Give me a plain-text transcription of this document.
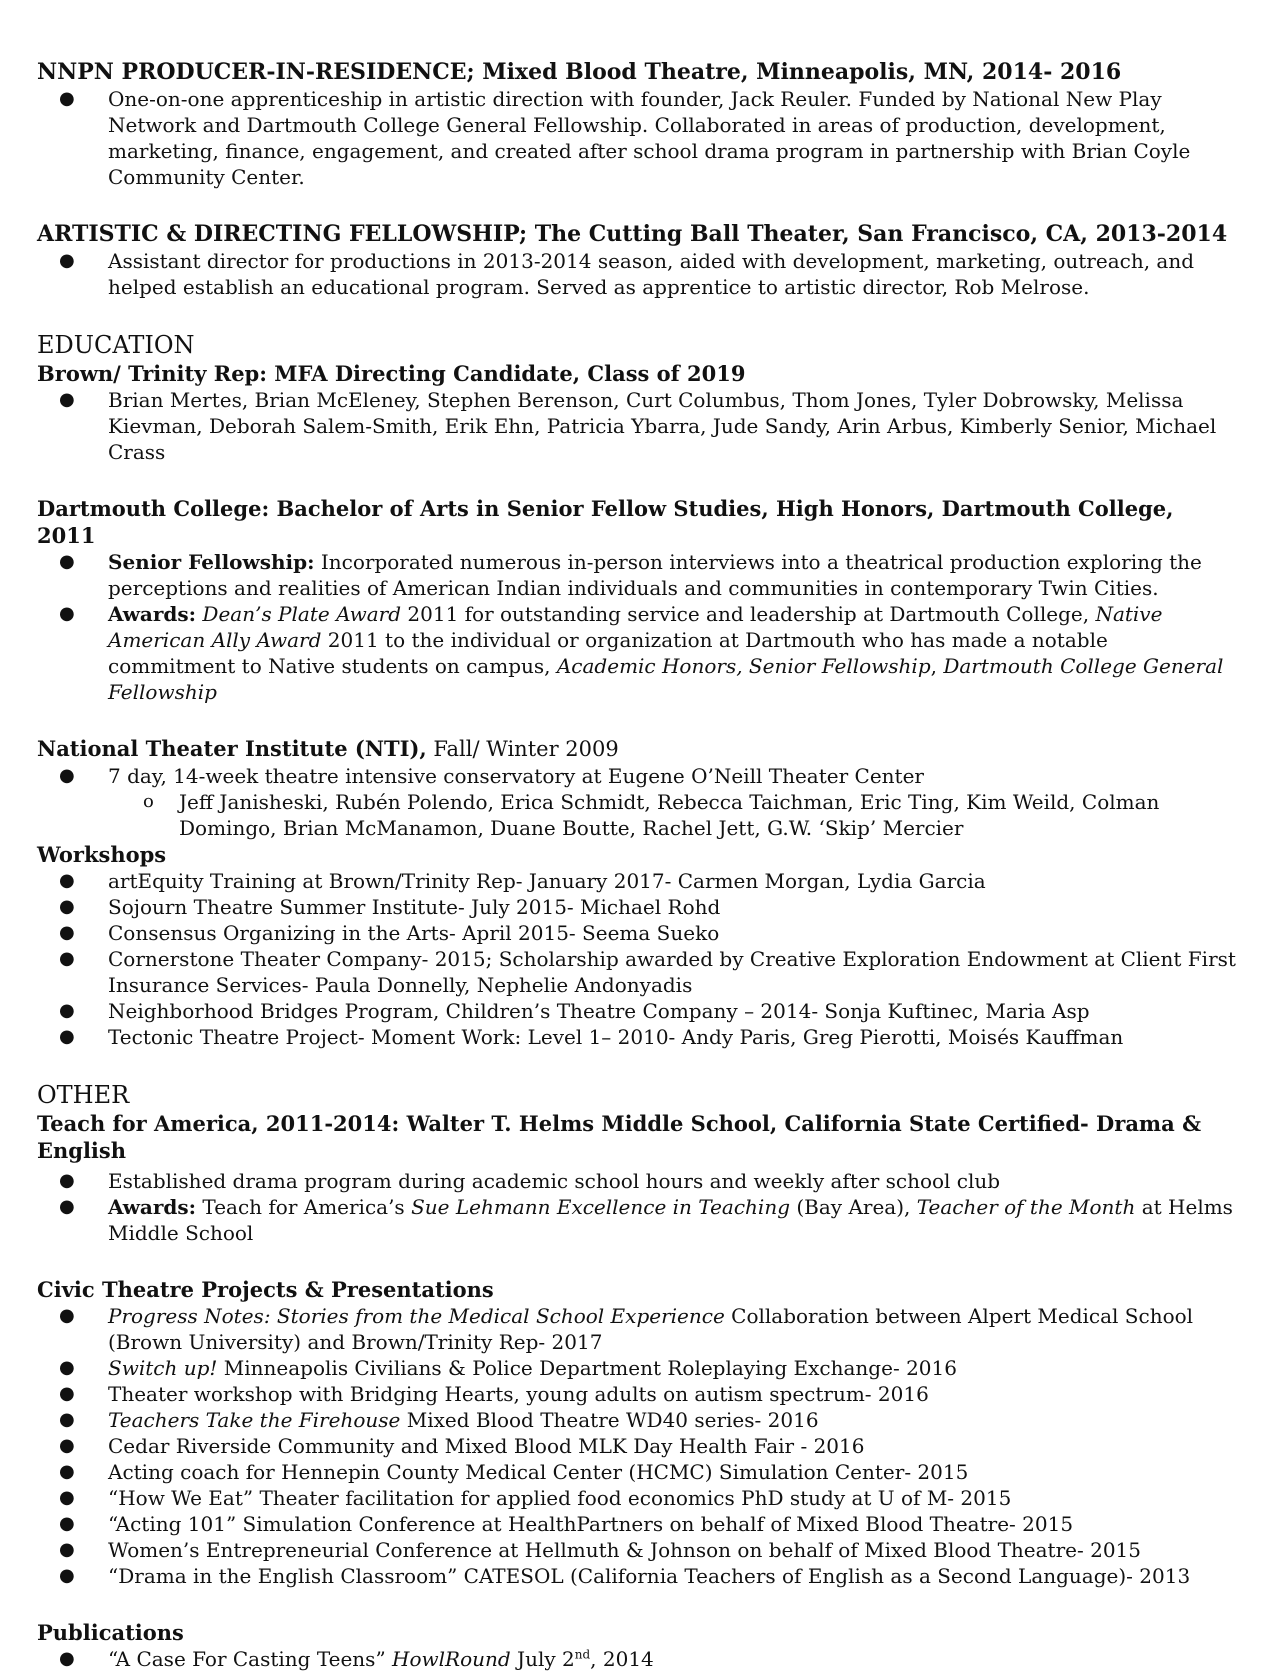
NNPN PRODUCER-IN-RESIDENCE; Mixed Blood Theatre, Minneapolis, MN, 2014- 2016
● One-on-one apprenticeship in artistic direction with founder, Jack Reuler. Funded by National New Play Network and Dartmouth College General Fellowship. Collaborated in areas of production, development, marketing, finance, engagement, and created after school drama program in partnership with Brian Coyle Community Center.
ARTISTIC & DIRECTING FELLOWSHIP; The Cutting Ball Theater, San Francisco, CA, 2013-2014
● Assistant director for productions in 2013-2014 season, aided with development, marketing, outreach, and helped establish an educational program. Served as apprentice to artistic director, Rob Melrose.
EDUCATION
Brown/ Trinity Rep: MFA Directing Candidate, Class of 2019
● Brian Mertes, Brian McEleney, Stephen Berenson, Curt Columbus, Thom Jones, Tyler Dobrowsky, Melissa Kievman, Deborah Salem-Smith, Erik Ehn, Patricia Ybarra, Jude Sandy, Arin Arbus, Kimberly Senior, Michael Crass
Dartmouth College: Bachelor of Arts in Senior Fellow Studies, High Honors, Dartmouth College, 2011
● Senior Fellowship: Incorporated numerous in-person interviews into a theatrical production exploring the perceptions and realities of American Indian individuals and communities in contemporary Twin Cities.
● Awards: Dean’s Plate Award 2011 for outstanding service and leadership at Dartmouth College, Native American Ally Award 2011 to the individual or organization at Dartmouth who has made a notable commitment to Native students on campus, Academic Honors, Senior Fellowship, Dartmouth College General Fellowship
National Theater Institute (NTI), Fall/ Winter 2009
● 7 day, 14-week theatre intensive conservatory at Eugene O’Neill Theater Center
o Jeff Janisheski, Rubén Polendo, Erica Schmidt, Rebecca Taichman, Eric Ting, Kim Weild, Colman Domingo, Brian McManamon, Duane Boutte, Rachel Jett, G.W. ‘Skip’ Mercier
Workshops
● artEquity Training at Brown/Trinity Rep- January 2017- Carmen Morgan, Lydia Garcia
● Sojourn Theatre Summer Institute- July 2015- Michael Rohd
● Consensus Organizing in the Arts- April 2015- Seema Sueko
● Cornerstone Theater Company- 2015; Scholarship awarded by Creative Exploration Endowment at Client First Insurance Services- Paula Donnelly, Nephelie Andonyadis
● Neighborhood Bridges Program, Children’s Theatre Company – 2014- Sonja Kuftinec, Maria Asp
● Tectonic Theatre Project- Moment Work: Level 1– 2010- Andy Paris, Greg Pierotti, Moisés Kauffman
OTHER
Teach for America, 2011-2014: Walter T. Helms Middle School, California State Certified- Drama & English
● Established drama program during academic school hours and weekly after school club
● Awards: Teach for America’s Sue Lehmann Excellence in Teaching (Bay Area), Teacher of the Month at Helms Middle School
Civic Theatre Projects & Presentations
● Progress Notes: Stories from the Medical School Experience Collaboration between Alpert Medical School (Brown University) and Brown/Trinity Rep- 2017
● Switch up! Minneapolis Civilians & Police Department Roleplaying Exchange- 2016
● Theater workshop with Bridging Hearts, young adults on autism spectrum- 2016
● Teachers Take the Firehouse Mixed Blood Theatre WD40 series- 2016
● Cedar Riverside Community and Mixed Blood MLK Day Health Fair - 2016
● Acting coach for Hennepin County Medical Center (HCMC) Simulation Center- 2015
● “How We Eat” Theater facilitation for applied food economics PhD study at U of M- 2015
● “Acting 101” Simulation Conference at HealthPartners on behalf of Mixed Blood Theatre- 2015
● Women’s Entrepreneurial Conference at Hellmuth & Johnson on behalf of Mixed Blood Theatre- 2015
● “Drama in the English Classroom” CATESOL (California Teachers of English as a Second Language)- 2013
Publications
● “A Case For Casting Teens” HowlRound July 2nd, 2014
